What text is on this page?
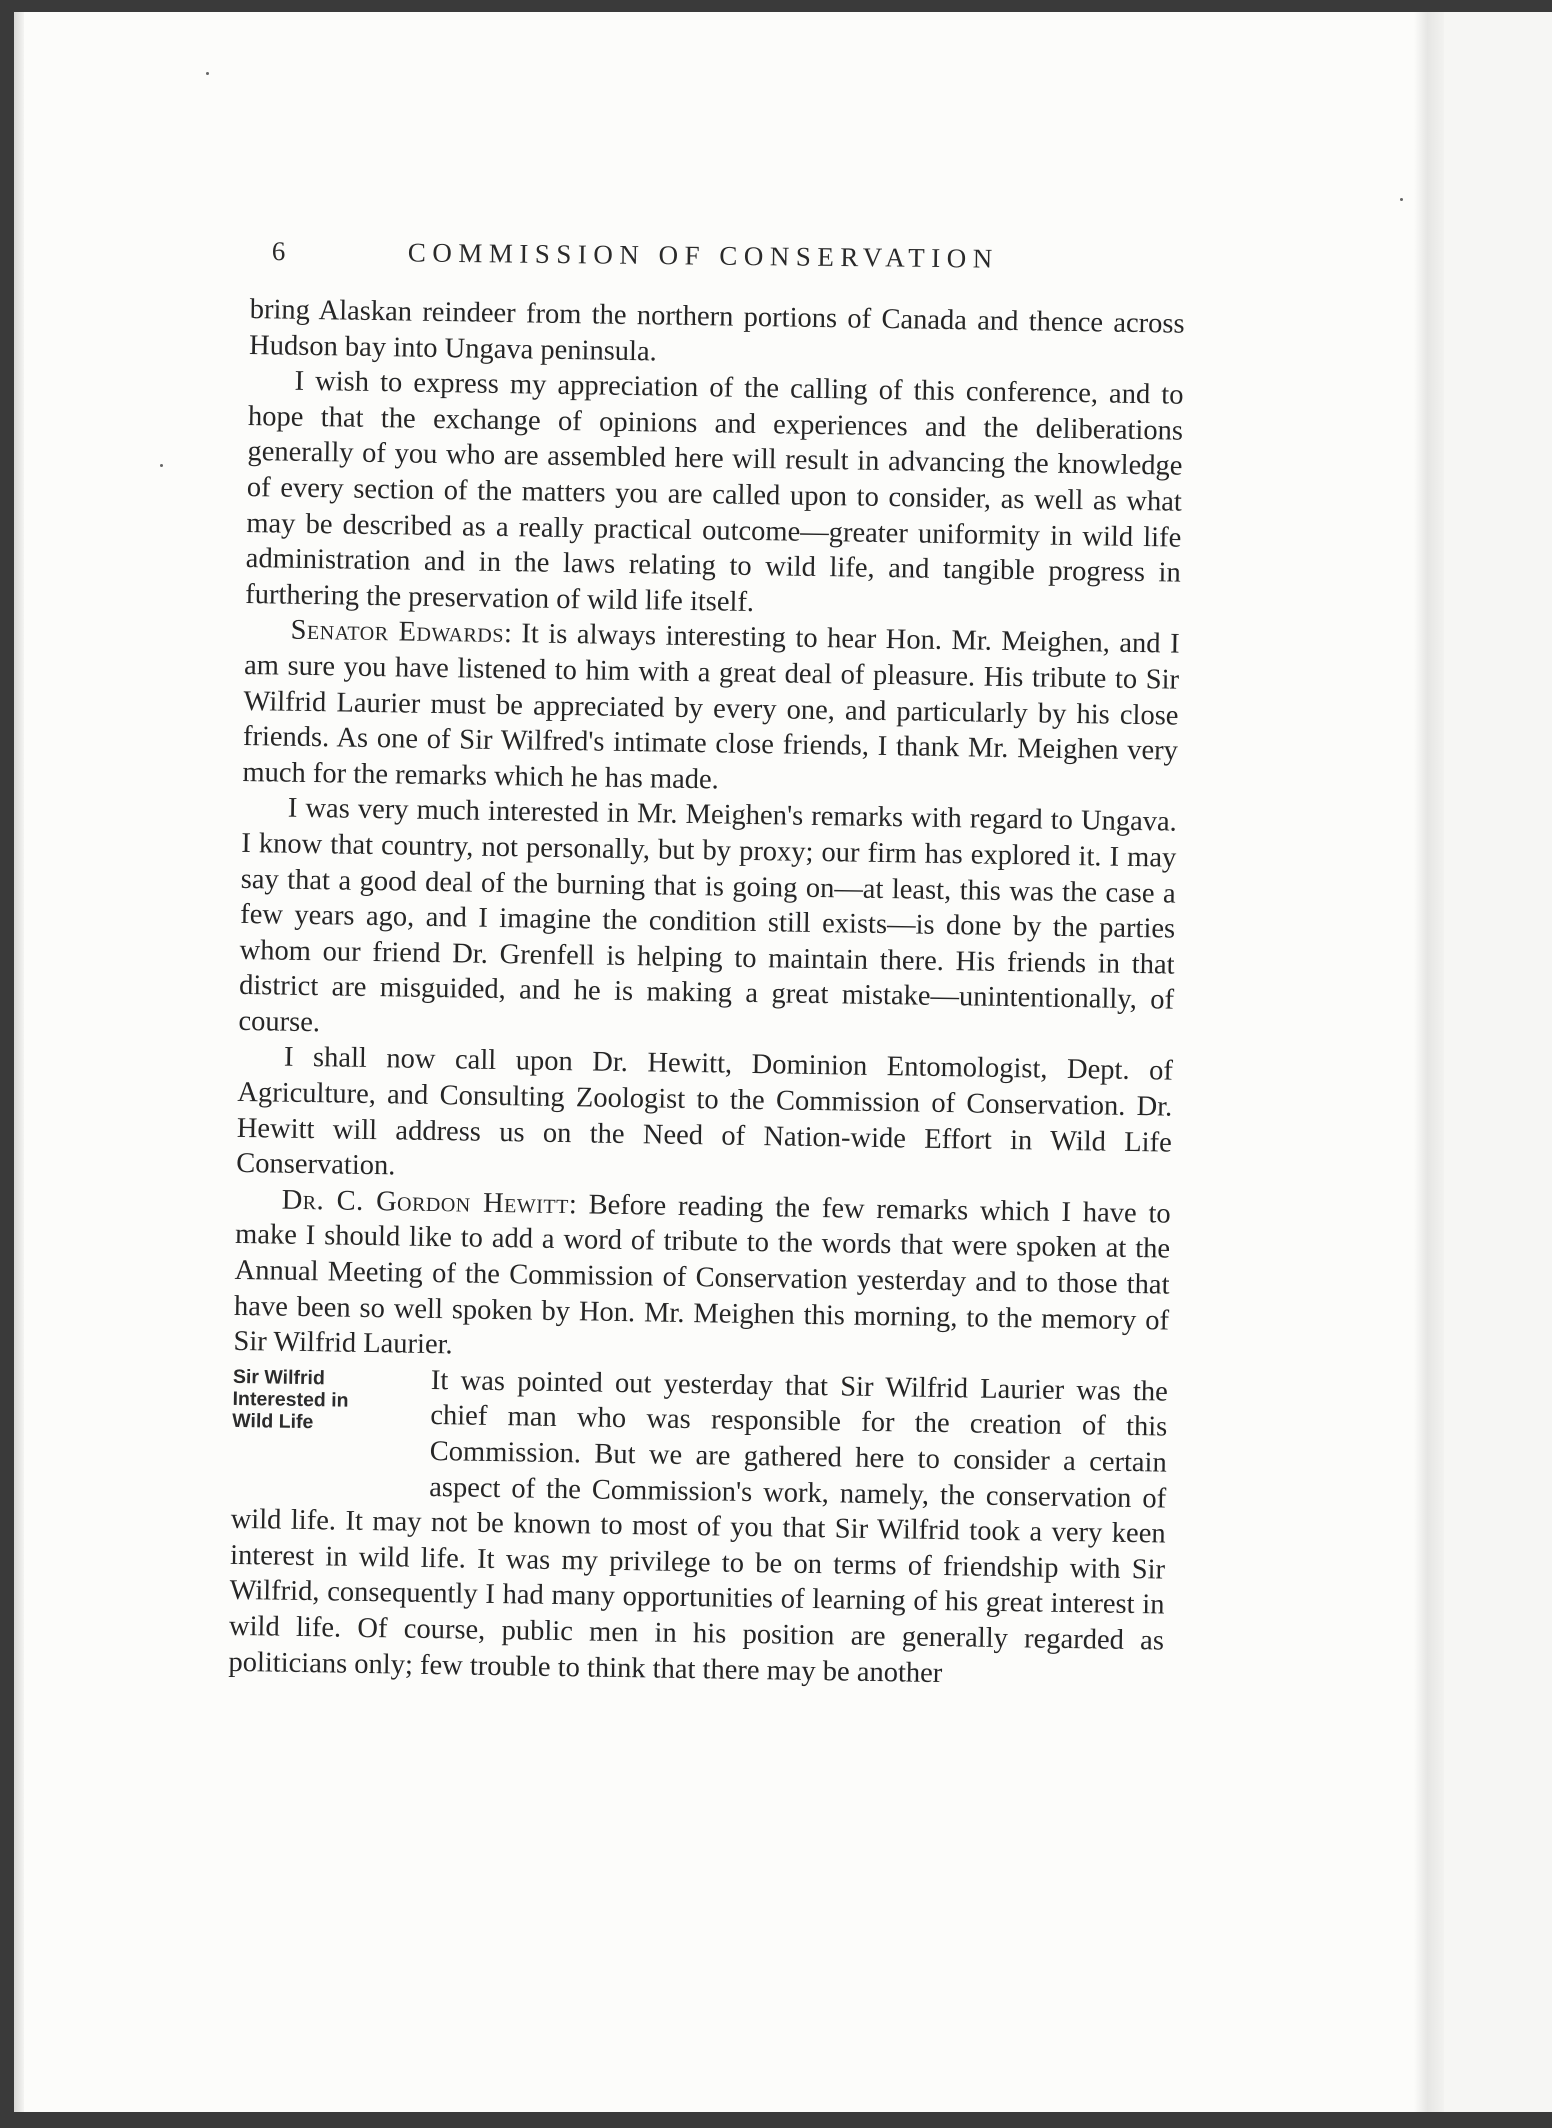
6	COMMISSION OF CONSERVATION

bring Alaskan reindeer from the northern portions of Canada and thence across Hudson bay into Ungava peninsula.

I wish to express my appreciation of the calling of this conference, and to hope that the exchange of opinions and experiences and the deliberations generally of you who are assembled here will result in advancing the knowledge of every section of the matters you are called upon to consider, as well as what may be described as a really practical outcome—greater uniformity in wild life administration and in the laws relating to wild life, and tangible progress in furthering the preservation of wild life itself.

Senator Edwards: It is always interesting to hear Hon. Mr. Meighen, and I am sure you have listened to him with a great deal of pleasure. His tribute to Sir Wilfrid Laurier must be appreciated by every one, and particularly by his close friends. As one of Sir Wilfred's intimate close friends, I thank Mr. Meighen very much for the remarks which he has made.

I was very much interested in Mr. Meighen's remarks with regard to Ungava. I know that country, not personally, but by proxy; our firm has explored it. I may say that a good deal of the burning that is going on—at least, this was the case a few years ago, and I imagine the condition still exists—is done by the parties whom our friend Dr. Grenfell is helping to maintain there. His friends in that district are misguided, and he is making a great mistake—unintentionally, of course.

I shall now call upon Dr. Hewitt, Dominion Entomologist, Dept. of Agriculture, and Consulting Zoologist to the Commission of Conservation. Dr. Hewitt will address us on the Need of Nation-wide Effort in Wild Life Conservation.

Dr. C. Gordon Hewitt: Before reading the few remarks which I have to make I should like to add a word of tribute to the words that were spoken at the Annual Meeting of the Commission of Conservation yesterday and to those that have been so well spoken by Hon. Mr. Meighen this morning, to the memory of Sir Wilfrid Laurier.

Sir Wilfrid
Interested in
Wild Life
It was pointed out yesterday that Sir Wilfrid Laurier was the chief man who was responsible for the creation of this Commission. But we are gathered here to consider a certain aspect of the Commission's work, namely, the conservation of wild life. It may not be known to most of you that Sir Wilfrid took a very keen interest in wild life. It was my privilege to be on terms of friendship with Sir Wilfrid, consequently I had many opportunities of learning of his great interest in wild life. Of course, public men in his position are generally regarded as politicians only; few trouble to think that there may be another
